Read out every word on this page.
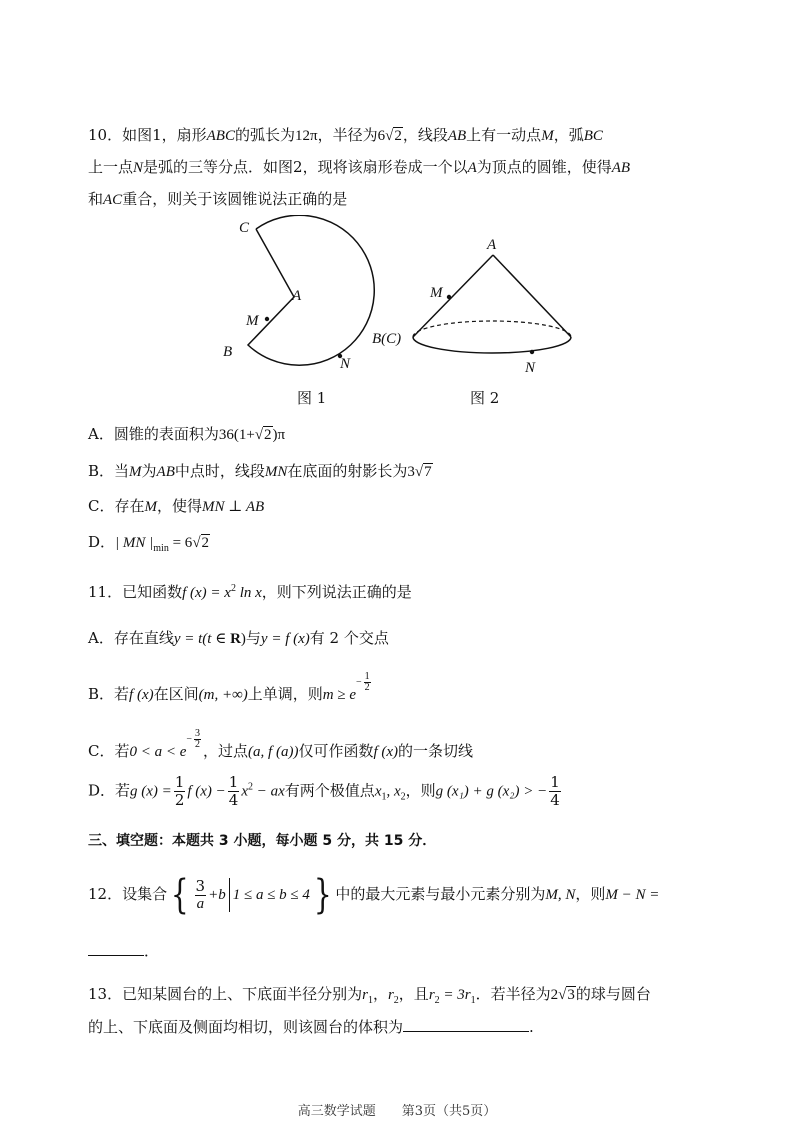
10．如图1，扇形ABC的弧长为12π，半径为6√2，线段AB上有一动点M，弧BC
上一点N是弧的三等分点．如图2，现将该扇形卷成一个以A为顶点的圆锥，使得AB
和AC重合，则关于该圆锥说法正确的是
C
A
M
B
N
图 1
A
M
B(C)
N
图 2
A．圆锥的表面积为36(1+√2)π
B．当M为AB中点时，线段MN在底面的射影长为3√7
C．存在M，使得MN ⊥ AB
D．| MN $|_{min} = 6√2$
11．已知函数f $(x) = x^2$ ln x，则下列说法正确的是
A．存在直线y = t(t ∈ R)与y = f (x)有 2 个交点
B．若f (x)在区间(m, +∞)上单调，则$m \ge e- \frac{1}{2}$
C．若$0 < a < e- \frac{3}{2}$
，过点(a, f (a))仅可作函数f (x)的一条切线
D．若g $(x) = \frac{1}{2}$ f $(x) - \frac{1}{4} x^2$ − ax有两个极值点$x_1$, $x_2$，则g (x₁) + g (x₂) > − $\frac{1}{4}$
三、填空题：本题共 3 小题，每小题 5 分，共 15 分．
12．设集合{ $\frac{3}{a} +b$ 1 ≤ a ≤ b ≤ 4} 中的最大元素与最小元素分别为M, N，则M − N =
．
13．已知某圆台的上、下底面半径分别为$r_1$，$r_2$，且$r_2 = 3r_1$．若半径为2√3的球与圆台
的上、下底面及侧面均相切，则该圆台的体积为	.
高三数学试题　　第3页（共5页）
